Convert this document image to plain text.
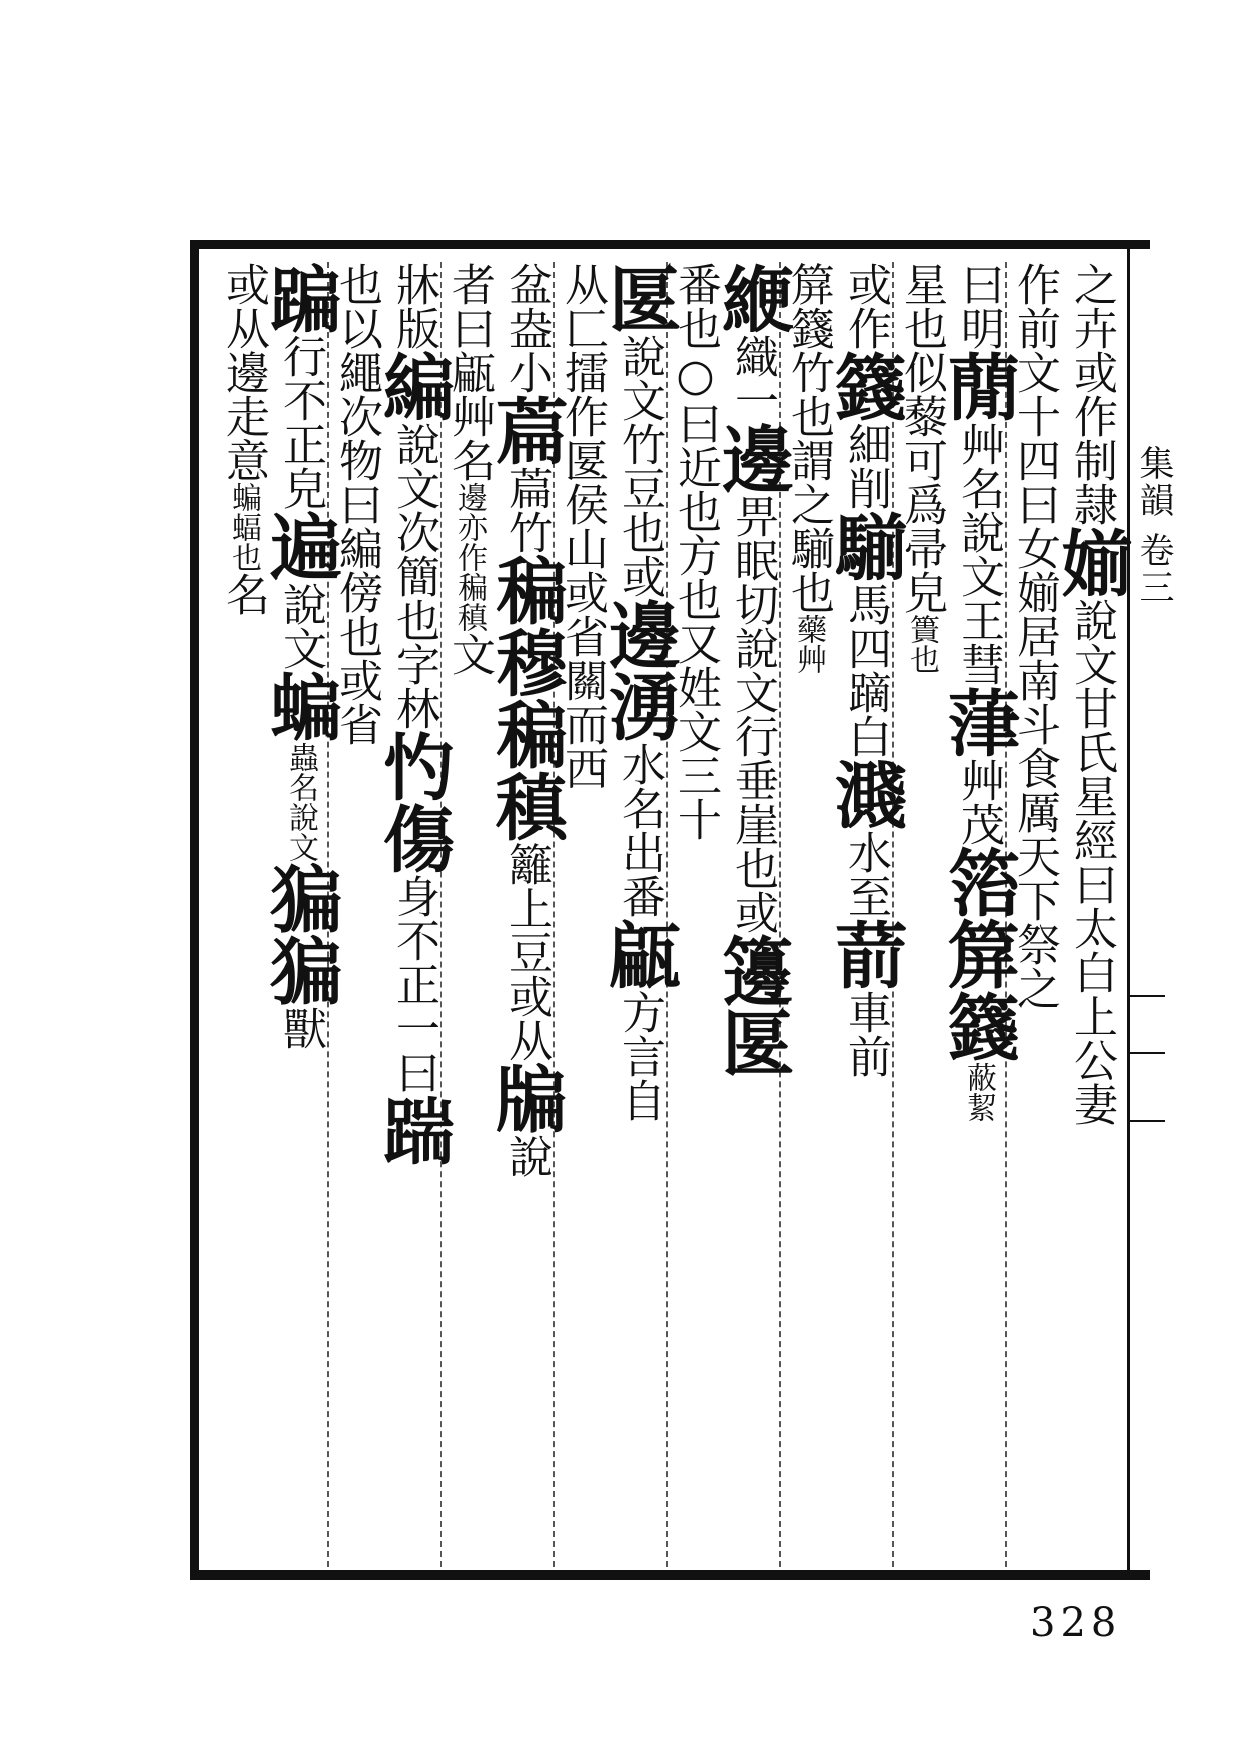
集韻 卷三
328
之卉或作制隷媊說文甘氏星經曰太白上公妻
作前文十四曰女媊居南斗食厲天下祭之
曰明蕑艸名說文王彗葏艸茂箈箳籛蔽絜
星也似藜可爲帚皃簣也
或作籛細削騚馬四蹢白濺水至葥車前
箳籛竹也謂之騚也藥艸
緶織一邊畀眠切說文行垂崖也或籩匽
番也○曰近也方也又姓文三十
匽說文竹豆也或邊湧水名出番甂方言自
从匚擂作匽侯山或省關而西
盆盎小萹萹竹稨穆稨稹籬上豆或从牑說
者曰甂艸名邊亦作稨稹文
牀版編說文次簡也字林㣿傷身不正一曰踹
也以繩次物曰編傍也或省
蹁行不正皃遍說文蝙蟲名說文猵猵獸
或从邊走意蝙蝠也名
